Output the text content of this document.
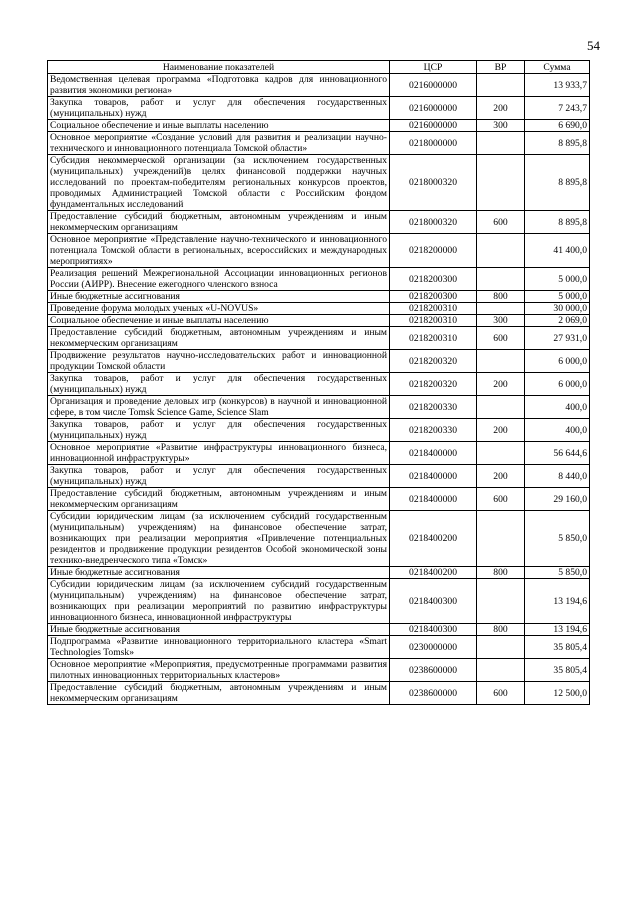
54
Наименование показателей	ЦСР	ВР	Сумма
Ведомственная целевая программа «Подготовка кадров для инновационного развития экономики региона»	0216000000		13 933,7
Закупка товаров, работ и услуг для обеспечения государственных (муниципальных) нужд	0216000000	200	7 243,7
Социальное обеспечение и иные выплаты населению	0216000000	300	6 690,0
Основное мероприятие «Создание условий для развития и реализации научно-технического и инновационного потенциала Томской области»	0218000000		8 895,8
Субсидия некоммерческой организации (за исключением государственных (муниципальных) учреждений)в целях финансовой поддержки научных исследований по проектам-победителям региональных конкурсов проектов, проводимых Администрацией Томской области с Российским фондом фундаментальных исследований	0218000320		8 895,8
Предоставление субсидий бюджетным, автономным учреждениям и иным некоммерческим организациям	0218000320	600	8 895,8
Основное мероприятие «Представление научно-технического и инновационного потенциала Томской области в региональных, всероссийских и международных мероприятиях»	0218200000		41 400,0
Реализация решений Межрегиональной Ассоциации инновационных регионов России (АИРР). Внесение ежегодного членского взноса	0218200300		5 000,0
Иные бюджетные ассигнования	0218200300	800	5 000,0
Проведение форума молодых ученых «U-NOVUS»	0218200310		30 000,0
Социальное обеспечение и иные выплаты населению	0218200310	300	2 069,0
Предоставление субсидий бюджетным, автономным учреждениям и иным некоммерческим организациям	0218200310	600	27 931,0
Продвижение результатов научно-исследовательских работ и инновационной продукции Томской области	0218200320		6 000,0
Закупка товаров, работ и услуг для обеспечения государственных (муниципальных) нужд	0218200320	200	6 000,0
Организация и проведение деловых игр (конкурсов) в научной и инновационной сфере, в том числе Tomsk Science Game, Science Slam	0218200330		400,0
Закупка товаров, работ и услуг для обеспечения государственных (муниципальных) нужд	0218200330	200	400,0
Основное мероприятие «Развитие инфраструктуры инновационного бизнеса, инновационной инфраструктуры»	0218400000		56 644,6
Закупка товаров, работ и услуг для обеспечения государственных (муниципальных) нужд	0218400000	200	8 440,0
Предоставление субсидий бюджетным, автономным учреждениям и иным некоммерческим организациям	0218400000	600	29 160,0
Субсидии юридическим лицам (за исключением субсидий государственным (муниципальным) учреждениям) на финансовое обеспечение затрат, возникающих при реализации мероприятия «Привлечение потенциальных резидентов и продвижение продукции резидентов Особой экономической зоны технико-внедренческого типа «Томск»	0218400200		5 850,0
Иные бюджетные ассигнования	0218400200	800	5 850,0
Субсидии юридическим лицам (за исключением субсидий государственным (муниципальным) учреждениям) на финансовое обеспечение затрат, возникающих при реализации мероприятий по развитию инфраструктуры инновационного бизнеса, инновационной инфраструктуры	0218400300		13 194,6
Иные бюджетные ассигнования	0218400300	800	13 194,6
Подпрограмма «Развитие инновационного территориального кластера «Smart Technologies Tomsk»	0230000000		35 805,4
Основное мероприятие «Мероприятия, предусмотренные программами развития пилотных инновационных территориальных кластеров»	0238600000		35 805,4
Предоставление субсидий бюджетным, автономным учреждениям и иным некоммерческим организациям	0238600000	600	12 500,0
